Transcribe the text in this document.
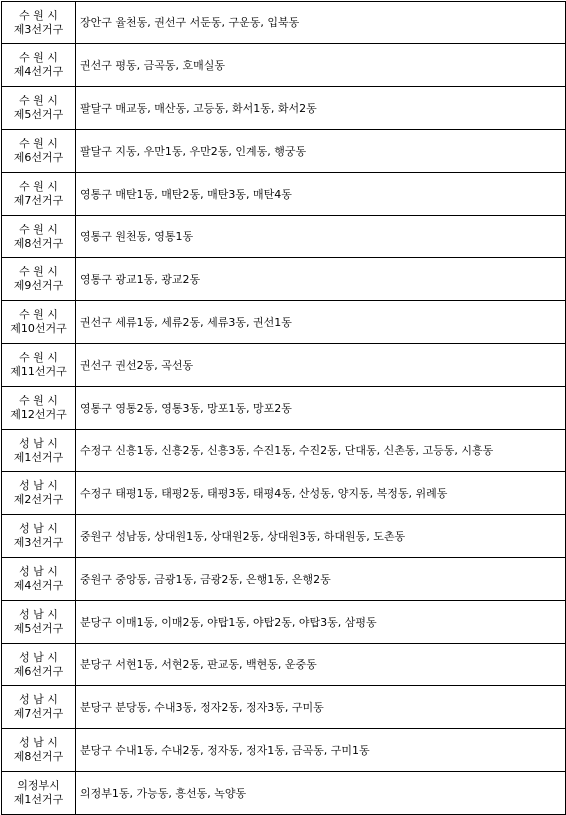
수 원 시
제3선거구	장안구 율천동, 권선구 서둔동, 구운동, 입북동

수 원 시
제4선거구	권선구 평동, 금곡동, 호매실동

수 원 시
제5선거구	팔달구 매교동, 매산동, 고등동, 화서1동, 화서2동

수 원 시
제6선거구	팔달구 지동, 우만1동, 우만2동, 인계동, 행궁동

수 원 시
제7선거구	영통구 매탄1동, 매탄2동, 매탄3동, 매탄4동

수 원 시
제8선거구	영통구 원천동, 영통1동

수 원 시
제9선거구	영통구 광교1동, 광교2동

수 원 시
제10선거구	권선구 세류1동, 세류2동, 세류3동, 권선1동

수 원 시
제11선거구	권선구 권선2동, 곡선동

수 원 시
제12선거구	영통구 영통2동, 영통3동, 망포1동, 망포2동

성 남 시
제1선거구	수정구 신흥1동, 신흥2동, 신흥3동, 수진1동, 수진2동, 단대동, 신촌동, 고등동, 시흥동

성 남 시
제2선거구	수정구 태평1동, 태평2동, 태평3동, 태평4동, 산성동, 양지동, 복정동, 위례동

성 남 시
제3선거구	중원구 성남동, 상대원1동, 상대원2동, 상대원3동, 하대원동, 도촌동

성 남 시
제4선거구	중원구 중앙동, 금광1동, 금광2동, 은행1동, 은행2동

성 남 시
제5선거구	분당구 이매1동, 이매2동, 야탑1동, 야탑2동, 야탑3동, 삼평동

성 남 시
제6선거구	분당구 서현1동, 서현2동, 판교동, 백현동, 운중동

성 남 시
제7선거구	분당구 분당동, 수내3동, 정자2동, 정자3동, 구미동

성 남 시
제8선거구	분당구 수내1동, 수내2동, 정자동, 정자1동, 금곡동, 구미1동

의정부시
제1선거구	의정부1동, 가능동, 흥선동, 녹양동
